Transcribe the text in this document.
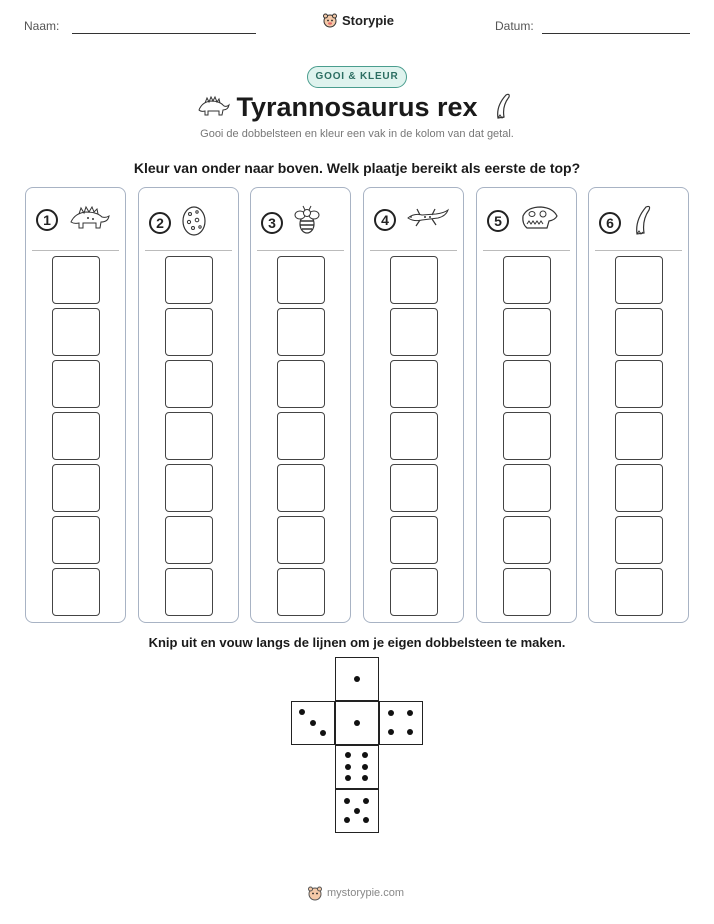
Naam:	Storypie	Datum:
GOOI & KLEUR
Tyrannosaurus rex
Gooi de dobbelsteen en kleur een vak in de kolom van dat getal.
Kleur van onder naar boven. Welk plaatje bereikt als eerste de top?
1	2	3	4	5	6
Knip uit en vouw langs de lijnen om je eigen dobbelsteen te maken.
mystorypie.com
